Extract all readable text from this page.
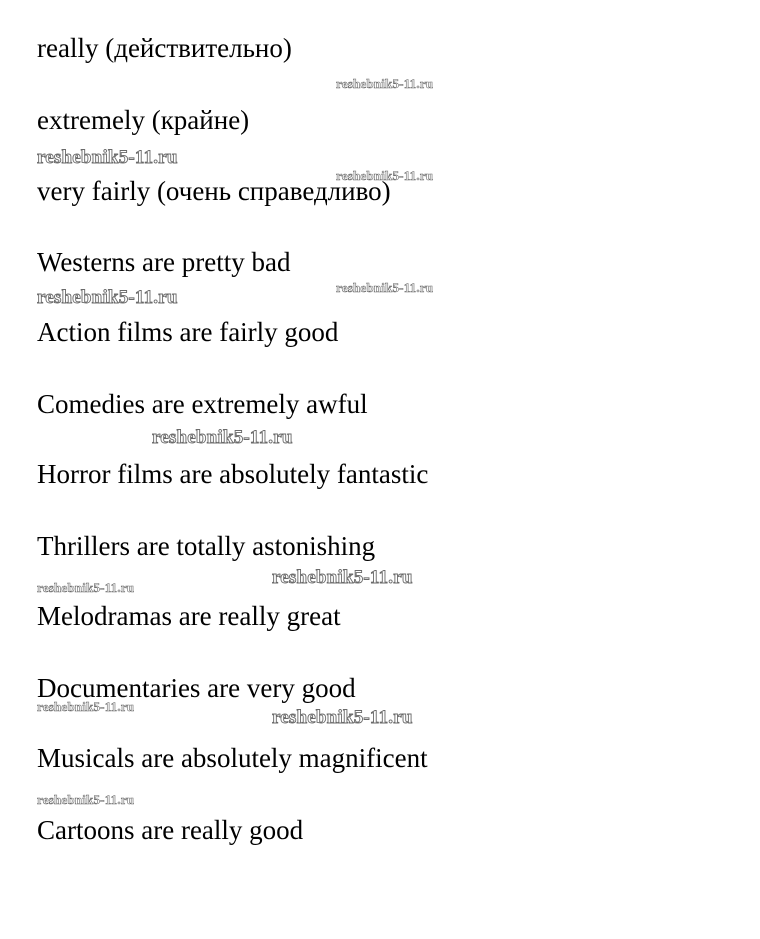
really (действительно)

extremely (крайне)

very fairly (очень справедливо)

Westerns are pretty bad

Action films are fairly good

Comedies are extremely awful

Horror films are absolutely fantastic

Thrillers are totally astonishing

Melodramas are really great

Documentaries are very good

Musicals are absolutely magnificent

Cartoons are really good

reshebnik5-11.ru
reshebnik5-11.ru
reshebnik5-11.ru
reshebnik5-11.ru	reshebnik5-11.ru
reshebnik5-11.ru
reshebnik5-11.ru
reshebnik5-11.ru
reshebnik5-11.ru
reshebnik5-11.ru
reshebnik5-11.ru
